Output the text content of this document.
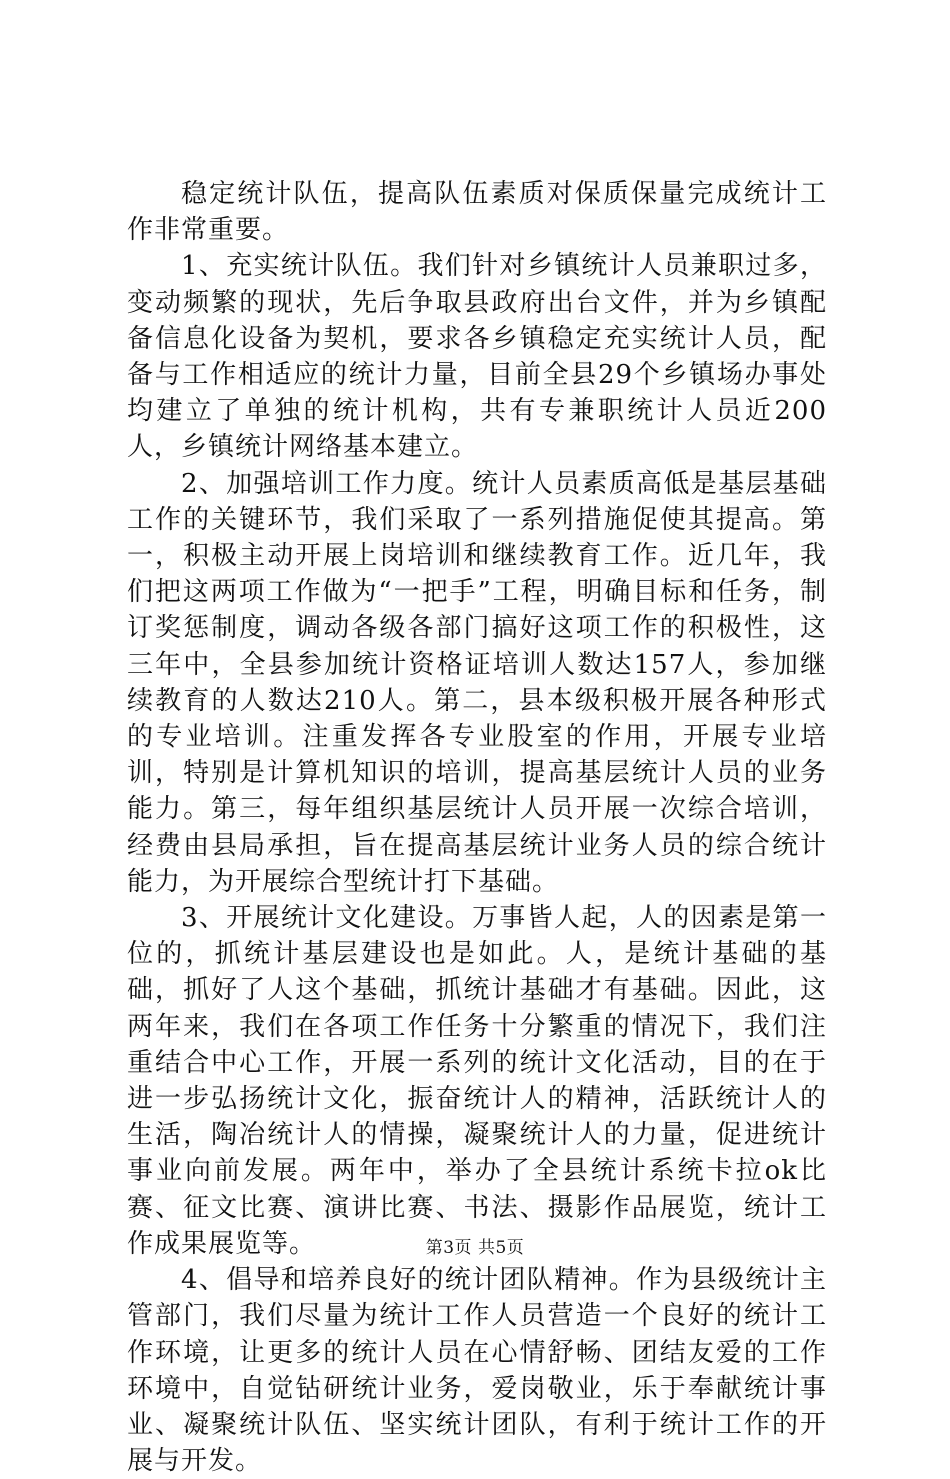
稳定统计队伍，提高队伍素质对保质保量完成统计工作非常重要。

1、充实统计队伍。我们针对乡镇统计人员兼职过多，变动频繁的现状，先后争取县政府出台文件，并为乡镇配备信息化设备为契机，要求各乡镇稳定充实统计人员，配备与工作相适应的统计力量，目前全县29个乡镇场办事处均建立了单独的统计机构，共有专兼职统计人员近200人，乡镇统计网络基本建立。

2、加强培训工作力度。统计人员素质高低是基层基础工作的关键环节，我们采取了一系列措施促使其提高。第一，积极主动开展上岗培训和继续教育工作。近几年，我们把这两项工作做为“一把手”工程，明确目标和任务，制订奖惩制度，调动各级各部门搞好这项工作的积极性，这三年中，全县参加统计资格证培训人数达157人，参加继续教育的人数达210人。第二，县本级积极开展各种形式的专业培训。注重发挥各专业股室的作用，开展专业培训，特别是计算机知识的培训，提高基层统计人员的业务能力。第三，每年组织基层统计人员开展一次综合培训，经费由县局承担，旨在提高基层统计业务人员的综合统计能力，为开展综合型统计打下基础。

3、开展统计文化建设。万事皆人起，人的因素是第一位的，抓统计基层建设也是如此。人，是统计基础的基础，抓好了人这个基础，抓统计基础才有基础。因此，这两年来，我们在各项工作任务十分繁重的情况下，我们注重结合中心工作，开展一系列的统计文化活动，目的在于进一步弘扬统计文化，振奋统计人的精神，活跃统计人的生活，陶冶统计人的情操，凝聚统计人的力量，促进统计事业向前发展。两年中，举办了全县统计系统卡拉ok比赛、征文比赛、演讲比赛、书法、摄影作品展览，统计工作成果展览等。

4、倡导和培养良好的统计团队精神。作为县级统计主管部门，我们尽量为统计工作人员营造一个良好的统计工作环境，让更多的统计人员在心情舒畅、团结友爱的工作环境中，自觉钻研统计业务，爱岗敬业，乐于奉献统计事业、凝聚统计队伍、坚实统计团队，有利于统计工作的开展与开发。

第3页 共5页
